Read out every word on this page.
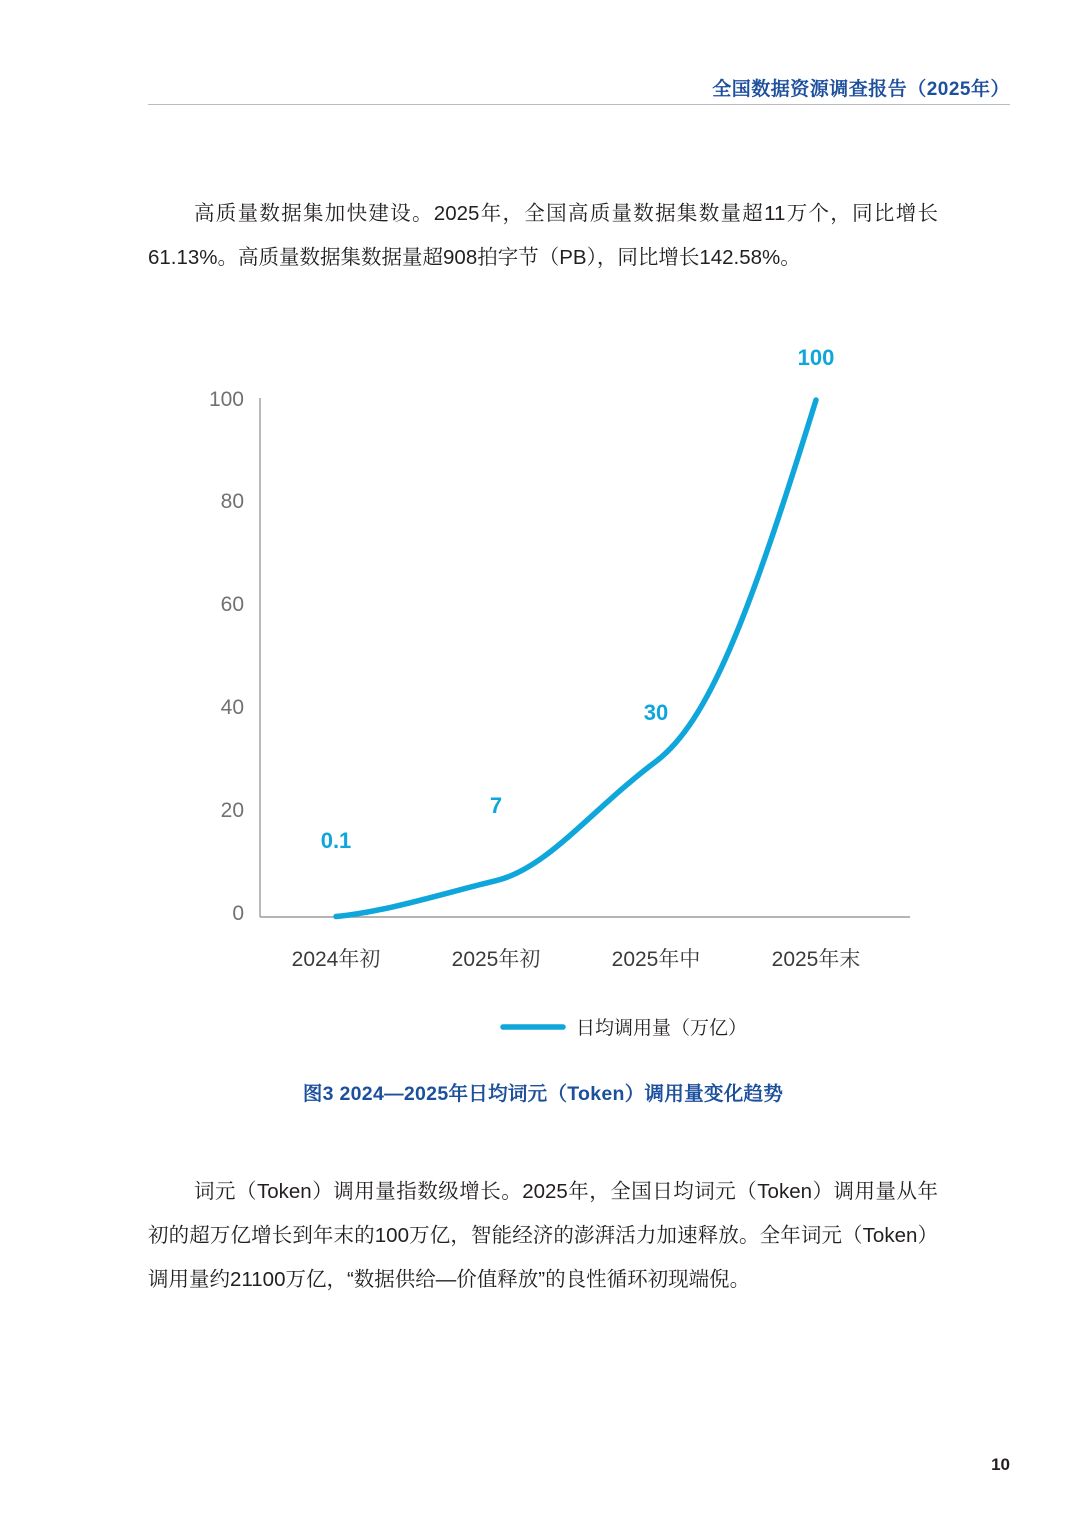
全国数据资源调查报告（2025年）
高质量数据集加快建设。2025年，全国高质量数据集数量超11万个，同比增长61.13%。高质量数据集数据量超908拍字节（PB），同比增长142.58%。
100
80
60
40
20
0
0.1
7
30
100
2024年初	2025年初	2025年中	2025年末
日均调用量（万亿）
图3 2024—2025年日均词元（Token）调用量变化趋势
词元（Token）调用量指数级增长。2025年，全国日均词元（Token）调用量从年初的超万亿增长到年末的100万亿，智能经济的澎湃活力加速释放。全年词元（Token）调用量约21100万亿，“数据供给—价值释放”的良性循环初现端倪。
10
